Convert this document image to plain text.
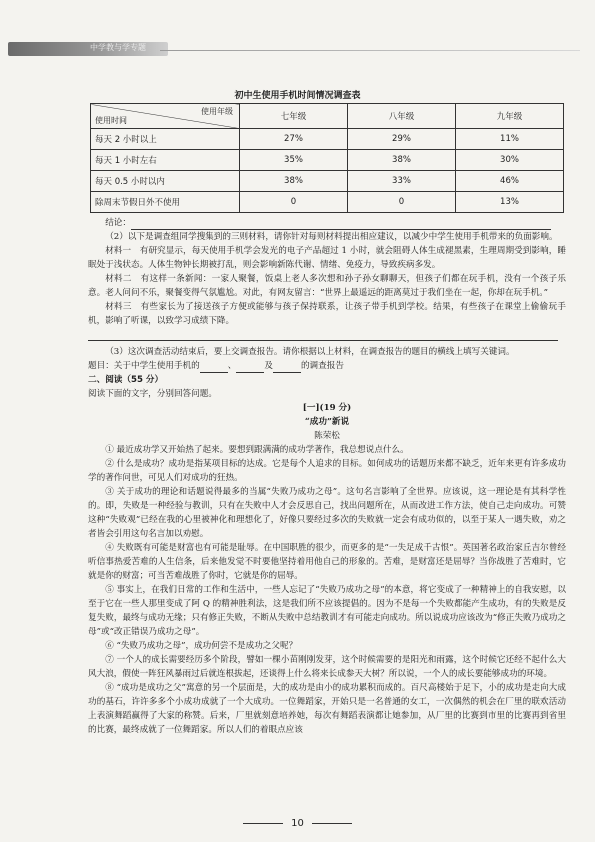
中学教与学专题
初中生使用手机时间情况调查表
使用年级
使用时间	七年级	八年级	九年级
每天 2 小时以上	27%	29%	11%
每天 1 小时左右	35%	38%	30%
每天 0.5 小时以内	38%	33%	46%
除周末节假日外不使用	0	0	13%

结论：

（2）以下是调查组同学搜集到的三则材料，请你针对每则材料提出相应建议，以减少中学生使用手机带来的负面影响。

材料一　有研究显示，每天使用手机学会发光的电子产品超过 1 小时，就会阻碍人体生成褪黑素，生理周期受到影响，睡眠处于浅状态。人体生物钟长期被打乱，则会影响新陈代谢、情绪、免疫力，导致疾病多发。

材料二　有这样一条新闻：一家人聚餐，饭桌上老人多次想和孙子孙女聊聊天，但孩子们都在玩手机，没有一个孩子乐意。老人问问不乐，聚餐变得气氛尴尬。对此，有网友留言：“世界上最遥远的距离莫过于我们坐在一起，你却在玩手机。”

材料三　有些家长为了接送孩子方便或能够与孩子保持联系，让孩子带手机到学校。结果，有些孩子在课堂上偷偷玩手机，影响了听课，以致学习成绩下降。

（3）这次调查活动结束后，要上交调查报告。请你根据以上材料，在调查报告的题目的横线上填写关键词。

题目：关于中学生使用手机的	、	及	的调查报告

二、阅读（55 分）

阅读下面的文字，分别回答问题。

[一](19 分)

“成功”新说

陈荣松

① 最近成功学又开始热了起来。要想到跟满满的成功学著作，我总想说点什么。

② 什么是成功？成功是指某项目标的达成。它是每个人追求的目标。如何成功的话题历来都不缺乏，近年来更有许多成功学的著作问世，可见人们对成功的狂热。

③ 关于成功的理论和话题说得最多的当属“失败乃成功之母”。这句名言影响了全世界。应该说，这一理论是有其科学性的。即，失败是一种经验与教训，只有在失败中人才会反思自己，找出问题所在，从而改进工作方法，使自己走向成功。可赞这种“失败观”已经在我的心里被神化和理想化了，好像只要经过多次的失败就一定会有成功似的，以至于某人一遇失败，劝之者皆会引用这句名言加以劝慰。

④ 失败既有可能是财富也有可能是耻辱。在中国职胜的很少，而更多的是“一失足成千古恨”。英国著名政治家丘吉尔曾经听信事热爱苦难的人生信条，后来他发觉不时要他坚持着用他自己的形象的。苦难，是财富还是屈辱？当你战胜了苦难时，它就是你的财富；可当苦难战胜了你时，它就是你的屈辱。

⑤ 事实上，在我们日常的工作和生活中，一些人忘记了“失败乃成功之母”的本意，将它变成了一种精神上的自我安慰，以至于它在一些人那里变成了阿 Q 的精神胜利法，这是我们所不应该提倡的。因为不是每一个失败都能产生成功，有的失败是反复失败，最终与成功无缘；只有修正失败，不断从失败中总结教训才有可能走向成功。所以说成功应该改为“修正失败乃成功之母”或“改正错误乃成功之母”。

⑥ “失败乃成功之母”，成功何尝不是成功之父呢？

⑦ 一个人的成长需要经历多个阶段，譬如一棵小苗刚刚发芽，这个时候需要的是阳光和雨露，这个时候它还经不起什么大风大浪，假使一阵狂风暴雨过后就连根拔起，还谈得上什么将来长成参天大树？所以说，一个人的成长要能够成功的环境。

⑧ “成功是成功之父”寓意的另一个层面是，大的成功是由小的成功累积而成的。百尺高楼始于足下，小的成功是走向大成功的基石，许许多多个小成功成就了一个大成功。一位舞蹈家，开始只是一名普通的女工，一次偶然的机会在厂里的联欢活动上表演舞蹈赢得了大家的称赞。后来，厂里就刻意培养她，每次有舞蹈表演都让她参加，从厂里的比赛到市里的比赛再到省里的比赛，最终成就了一位舞蹈家。所以人们的着眼点应该

10
